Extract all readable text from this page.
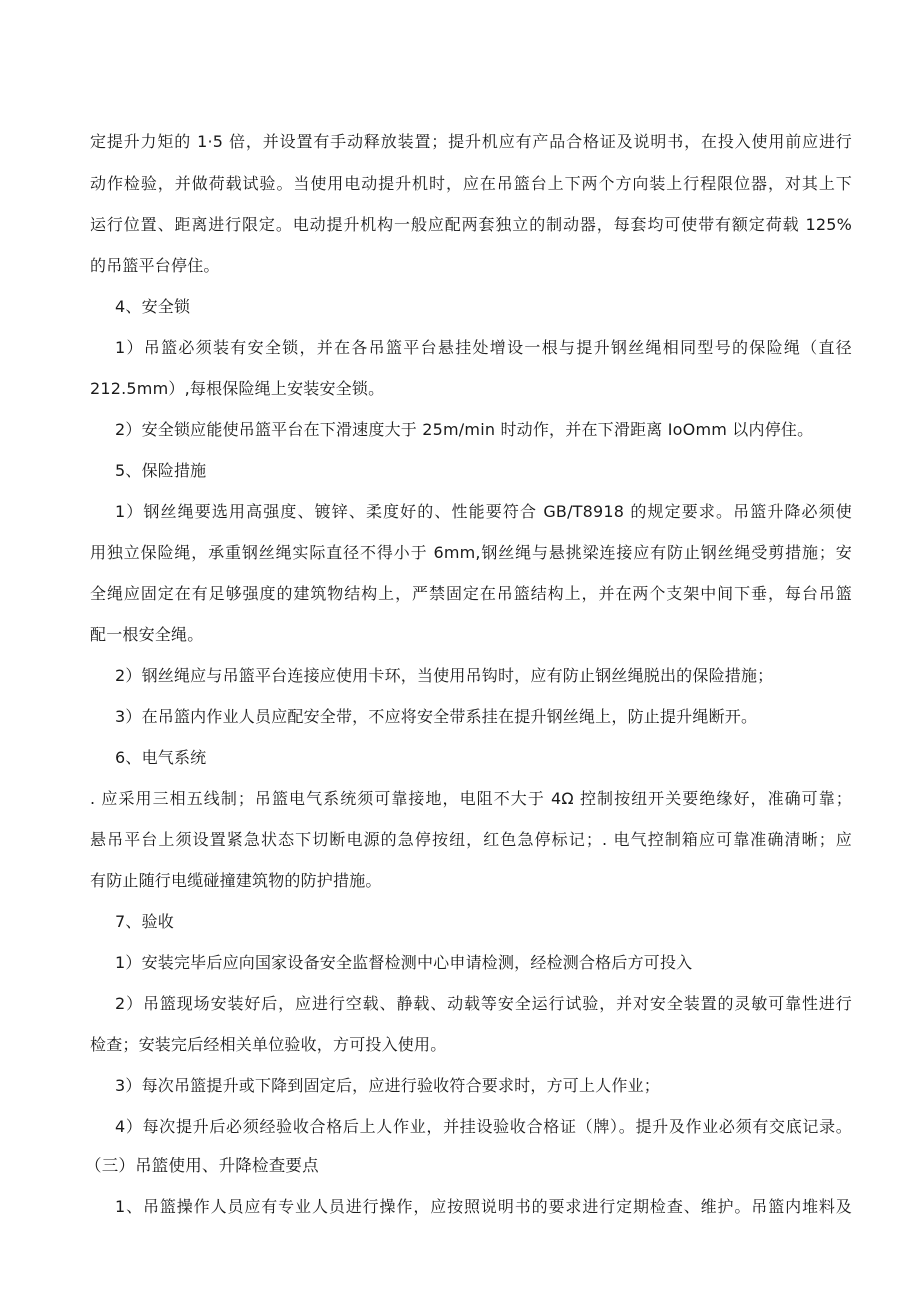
定提升力矩的 1·5 倍，并设置有手动释放装置；提升机应有产品合格证及说明书，在投入使用前应进行
动作检验，并做荷载试验。当使用电动提升机时，应在吊篮台上下两个方向装上行程限位器，对其上下
运行位置、距离进行限定。电动提升机构一般应配两套独立的制动器，每套均可使带有额定荷载 125%
的吊篮平台停住。
4、安全锁
1）吊篮必须装有安全锁，并在各吊篮平台悬挂处增设一根与提升钢丝绳相同型号的保险绳（直径
212.5mm）,每根保险绳上安装安全锁。
2）安全锁应能使吊篮平台在下滑速度大于 25m∕min 时动作，并在下滑距离 IoOmm 以内停住。
5、保险措施
1）钢丝绳要选用高强度、镀锌、柔度好的、性能要符合 GB/T8918 的规定要求。吊篮升降必须使
用独立保险绳，承重钢丝绳实际直径不得小于 6mm,钢丝绳与悬挑梁连接应有防止钢丝绳受剪措施；安
全绳应固定在有足够强度的建筑物结构上，严禁固定在吊篮结构上，并在两个支架中间下垂，每台吊篮
配一根安全绳。
2）钢丝绳应与吊篮平台连接应使用卡环，当使用吊钩时，应有防止钢丝绳脱出的保险措施；
3）在吊篮内作业人员应配安全带，不应将安全带系挂在提升钢丝绳上，防止提升绳断开。
6、电气系统
. 应采用三相五线制；吊篮电气系统须可靠接地，电阻不大于 4Ω 控制按纽开关要绝缘好，准确可靠；
悬吊平台上须设置紧急状态下切断电源的急停按纽，红色急停标记；. 电气控制箱应可靠准确清晰；应
有防止随行电缆碰撞建筑物的防护措施。
7、验收
1）安装完毕后应向国家设备安全监督检测中心申请检测，经检测合格后方可投入
2）吊篮现场安装好后，应进行空载、静载、动载等安全运行试验，并对安全装置的灵敏可靠性进行
检查；安装完后经相关单位验收，方可投入使用。
3）每次吊篮提升或下降到固定后，应进行验收符合要求时，方可上人作业；
4）每次提升后必须经验收合格后上人作业，并挂设验收合格证（牌）。提升及作业必须有交底记录。
（三）吊篮使用、升降检查要点
1、吊篮操作人员应有专业人员进行操作，应按照说明书的要求进行定期检查、维护。吊篮内堆料及
